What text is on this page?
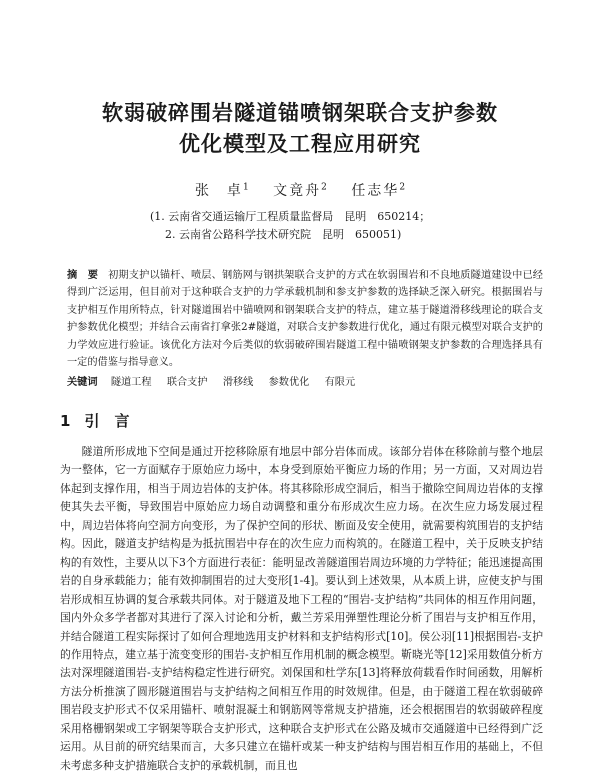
软弱破碎围岩隧道锚喷钢架联合支护参数
优化模型及工程应用研究
张　卓$^1$ 文竟舟$^2$ 任志华$^2$
(1. 云南省交通运输厅工程质量监督局　昆明　650214；
2. 云南省公路科学技术研究院　昆明　650051)

摘　要 初期支护以锚杆、喷层、钢筋网与钢拱架联合支护的方式在软弱围岩和不良地质隧道建设中已经得到广泛运用，但目前对于这种联合支护的力学承载机制和参支护参数的选择缺乏深入研究。根据围岩与支护相互作用所特点，针对隧道围岩中锚喷网和钢架联合支护的特点，建立基于隧道滑移线理论的联合支护参数优化模型；并结合云南省打拿张2#隧道，对联合支护参数进行优化，通过有限元模型对联合支护的力学效应进行验证。该优化方法对今后类似的软弱破碎围岩隧道工程中锚喷钢架支护参数的合理选择具有一定的借鉴与指导意义。

关键词 隧道工程 联合支护 滑移线 参数优化 有限元

1 引　言

隧道所形成地下空间是通过开挖移除原有地层中部分岩体而成。该部分岩体在移除前与整个地层为一整体，它一方面赋存于原始应力场中，本身受到原始平衡应力场的作用；另一方面，又对周边岩体起到支撑作用，相当于周边岩体的支护体。将其移除形成空洞后，相当于撤除空间周边岩体的支撑使其失去平衡，导致围岩中原始应力场自动调整和重分布形成次生应力场。在次生应力场发展过程中，周边岩体将向空洞方向变形，为了保护空间的形状、断面及安全使用，就需要构筑围岩的支护结构。因此，隧道支护结构是为抵抗围岩中存在的次生应力而构筑的。在隧道工程中，关于反映支护结构的有效性，主要从以下3个方面进行表征：能明显改善隧道围岩周边环境的力学特征；能迅速提高围岩的自身承载能力；能有效抑制围岩的过大变形[1-4]。要认到上述效果，从本质上讲，应使支护与围岩形成相互协调的复合承载共同体。对于隧道及地下工程的“围岩-支护结构”共同体的相互作用问题，国内外众多学者都对其进行了深入讨论和分析，戴兰芳采用弹塑性理论分析了围岩与支护相互作用，并结合隧道工程实际探讨了如何合理地选用支护材料和支护结构形式[10]。侯公羽[11]根据围岩-支护的作用特点，建立基于流变变形的围岩-支护相互作用机制的概念模型。靳晓光等[12]采用数值分析方法对深埋隧道围岩-支护结构稳定性进行研究。刘保国和杜学东[13]将释放荷载看作时间函数，用解析方法分析推演了圆形隧道围岩与支护结构之间相互作用的时效规律。但是，由于隧道工程在软弱破碎围岩段支护形式不仅采用锚杆、喷射混凝土和钢筋网等常规支护措施，还会根据围岩的软弱破碎程度采用格栅钢架或工字钢架等联合支护形式，这种联合支护形式在公路及城市交通隧道中已经得到广泛运用。从目前的研究结果而言，大多只建立在锚杆或某一种支护结构与围岩相互作用的基础上，不但未考虑多种支护措施联合支护的承载机制，而且也
